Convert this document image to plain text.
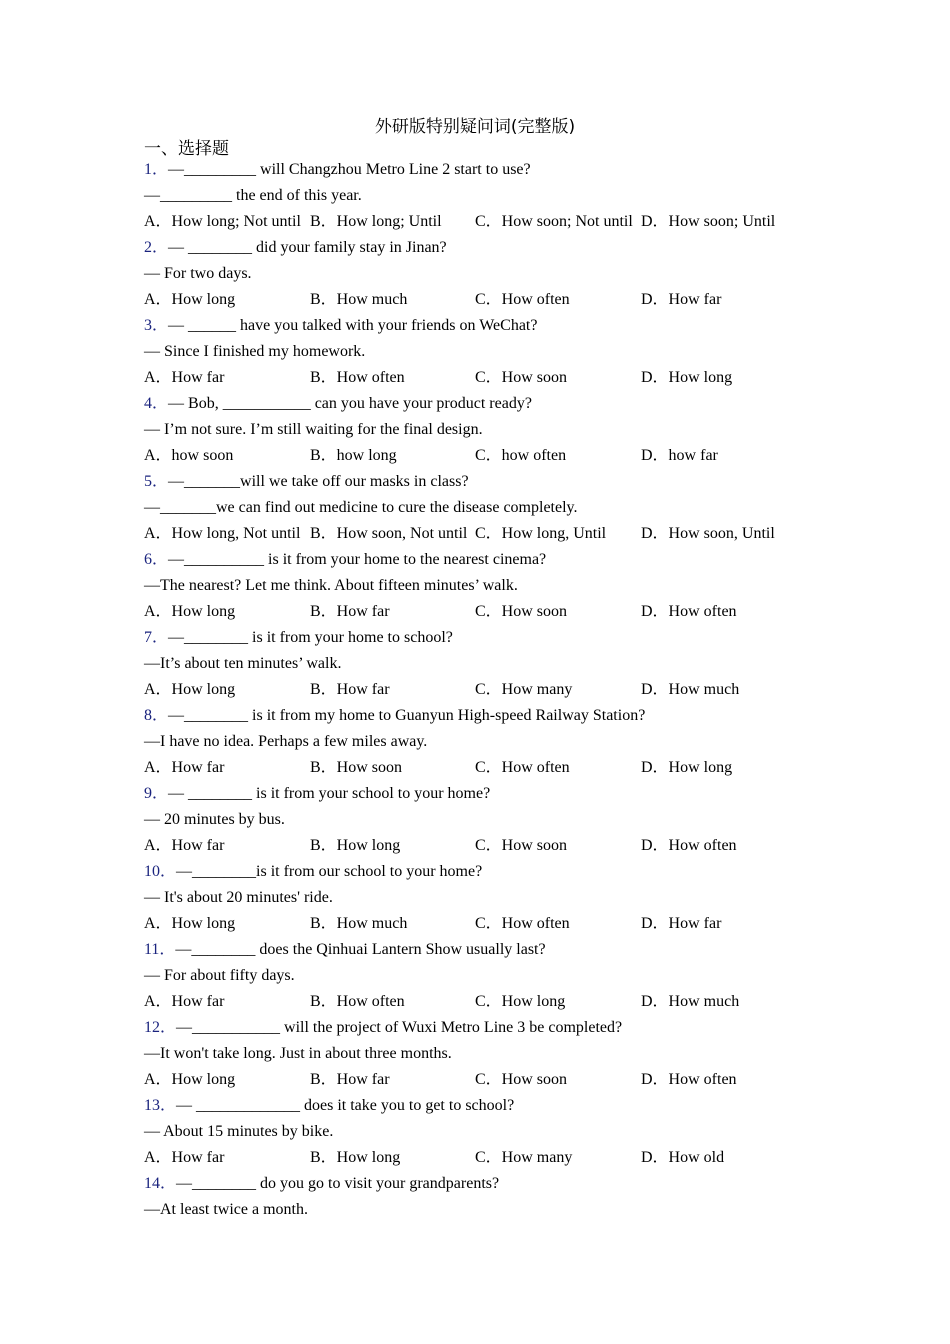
外研版特别疑问词(完整版)
一、选择题
1．—_________ will Changzhou Metro Line 2 start to use?
—_________ the end of this year.
A．How long; Not until B．How long; Until C．How soon; Not until D．How soon; Until
2．— ________ did your family stay in Jinan?
— For two days.
A．How long	B．How much	C．How often	D．How far
3．— ______ have you talked with your friends on WeChat?
— Since I finished my homework.
A．How far	B．How often	C．How soon	D．How long
4．— Bob, ___________ can you have your product ready?
— I’m not sure. I’m still waiting for the final design.
A．how soon	B．how long	C．how often	D．how far
5．—_______will we take off our masks in class?
—_______we can find out medicine to cure the disease completely.
A．How long, Not until B．How soon, Not until C．How long, Until D．How soon, Until
6．—__________ is it from your home to the nearest cinema?
—The nearest? Let me think. About fifteen minutes’ walk.
A．How long	B．How far	C．How soon	D．How often
7．—________ is it from your home to school?
—It’s about ten minutes’ walk.
A．How long	B．How far	C．How many	D．How much
8．—________ is it from my home to Guanyun High-speed Railway Station?
—I have no idea. Perhaps a few miles away.
A．How far	B．How soon	C．How often	D．How long
9．— ________ is it from your school to your home?
— 20 minutes by bus.
A．How far	B．How long	C．How soon	D．How often
10．—________is it from our school to your home?
— It's about 20 minutes' ride.
A．How long	B．How much	C．How often	D．How far
11．—________ does the Qinhuai Lantern Show usually last?
— For about fifty days.
A．How far	B．How often	C．How long	D．How much
12．—___________ will the project of Wuxi Metro Line 3 be completed?
—It won't take long. Just in about three months.
A．How long	B．How far	C．How soon	D．How often
13．— _____________ does it take you to get to school?
— About 15 minutes by bike.
A．How far	B．How long	C．How many	D．How old
14．—________ do you go to visit your grandparents?
—At least twice a month.
